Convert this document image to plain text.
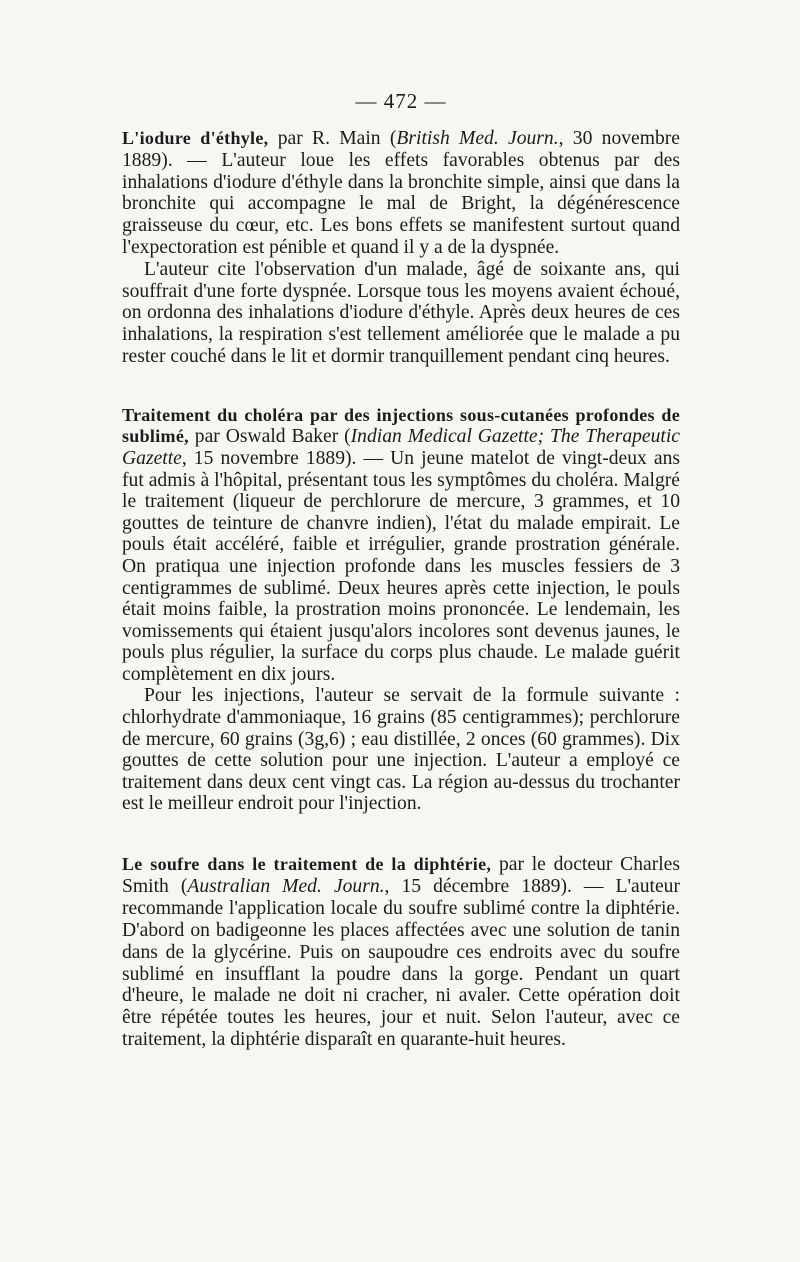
— 472 —

L'iodure d'éthyle, par R. Main (British Med. Journ., 30 novembre 1889). — L'auteur loue les effets favorables obtenus par des inhalations d'iodure d'éthyle dans la bronchite simple, ainsi que dans la bronchite qui accompagne le mal de Bright, la dégénérescence graisseuse du cœur, etc. Les bons effets se manifestent surtout quand l'expectoration est pénible et quand il y a de la dyspnée.

L'auteur cite l'observation d'un malade, âgé de soixante ans, qui souffrait d'une forte dyspnée. Lorsque tous les moyens avaient échoué, on ordonna des inhalations d'iodure d'éthyle. Après deux heures de ces inhalations, la respiration s'est tellement améliorée que le malade a pu rester couché dans le lit et dormir tranquillement pendant cinq heures.

Traitement du choléra par des injections sous-cutanées profondes de sublimé, par Oswald Baker (Indian Medical Gazette; The Therapeutic Gazette, 15 novembre 1889). — Un jeune matelot de vingt-deux ans fut admis à l'hôpital, présentant tous les symptômes du choléra. Malgré le traitement (liqueur de perchlorure de mercure, 3 grammes, et 10 gouttes de teinture de chanvre indien), l'état du malade empirait. Le pouls était accéléré, faible et irrégulier, grande prostration générale. On pratiqua une injection profonde dans les muscles fessiers de 3 centigrammes de sublimé. Deux heures après cette injection, le pouls était moins faible, la prostration moins prononcée. Le lendemain, les vomissements qui étaient jusqu'alors incolores sont devenus jaunes, le pouls plus régulier, la surface du corps plus chaude. Le malade guérit complètement en dix jours.

Pour les injections, l'auteur se servait de la formule suivante : chlorhydrate d'ammoniaque, 16 grains (85 centigrammes); perchlorure de mercure, 60 grains (3g,6) ; eau distillée, 2 onces (60 grammes). Dix gouttes de cette solution pour une injection. L'auteur a employé ce traitement dans deux cent vingt cas. La région au-dessus du trochanter est le meilleur endroit pour l'injection.

Le soufre dans le traitement de la diphtérie, par le docteur Charles Smith (Australian Med. Journ., 15 décembre 1889). — L'auteur recommande l'application locale du soufre sublimé contre la diphtérie. D'abord on badigeonne les places affectées avec une solution de tanin dans de la glycérine. Puis on saupoudre ces endroits avec du soufre sublimé en insufflant la poudre dans la gorge. Pendant un quart d'heure, le malade ne doit ni cracher, ni avaler. Cette opération doit être répétée toutes les heures, jour et nuit. Selon l'auteur, avec ce traitement, la diphtérie disparaît en quarante-huit heures.
